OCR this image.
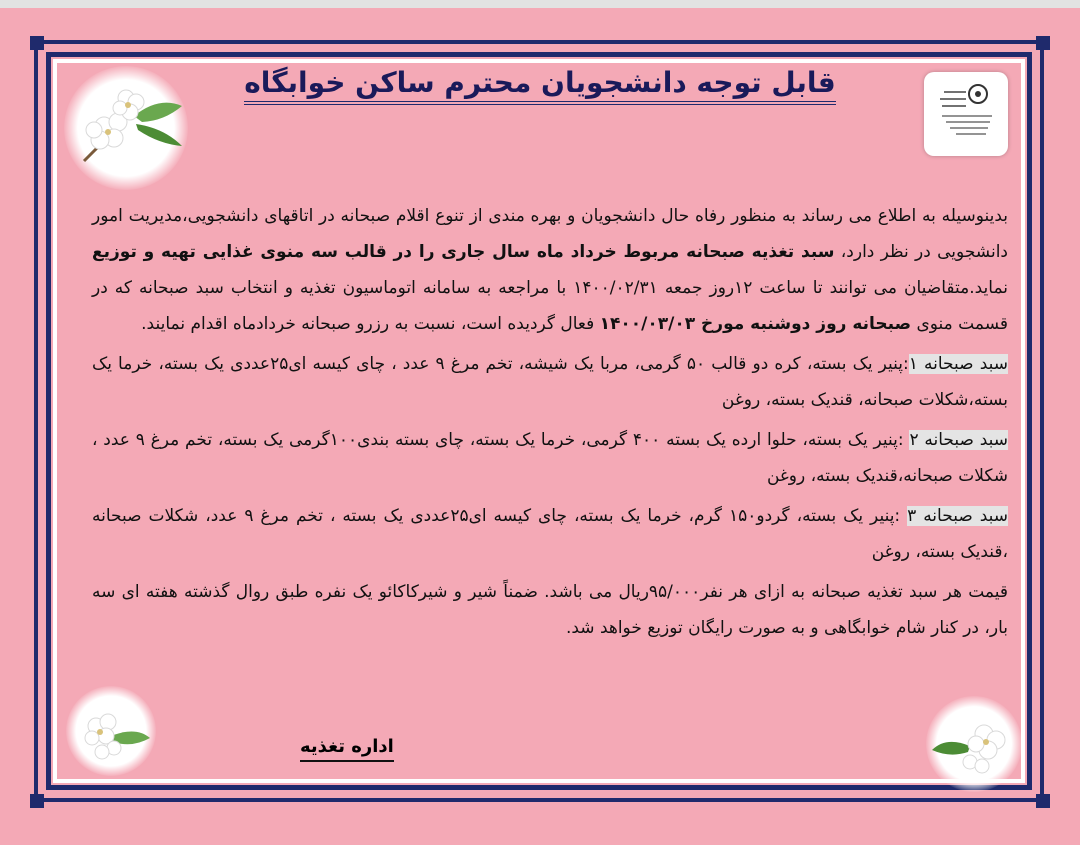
قابل توجه دانشجویان محترم ساکن خوابگاه

بدینوسیله به اطلاع می رساند به منظور رفاه حال دانشجویان و بهره مندی از تنوع اقلام صبحانه در اتاقهای دانشجویی،مدیریت امور دانشجویی در نظر دارد، سبد تغذیه صبحانه مربوط خرداد ماه سال جاری را در قالب سه منوی غذایی تهیه و توزیع نماید.متقاضیان می توانند تا ساعت ۱۲روز جمعه ۱۴۰۰/۰۲/۳۱ با مراجعه به سامانه اتوماسیون تغذیه و انتخاب سبد صبحانه که در قسمت منوی صبحانه روز دوشنبه مورخ ۱۴۰۰/۰۳/۰۳ فعال گردیده است، نسبت به رزرو صبحانه خردادماه اقدام نمایند.

سبد صبحانه ۱:پنیر یک بسته، کره دو قالب ۵۰ گرمی، مربا یک شیشه، تخم مرغ ۹ عدد ، چای کیسه ای۲۵عددی یک بسته، خرما یک بسته،شکلات صبحانه، قندیک بسته، روغن

سبد صبحانه ۲ :پنیر یک بسته، حلوا ارده یک بسته ۴۰۰ گرمی، خرما یک بسته، چای بسته بندی۱۰۰گرمی یک بسته، تخم مرغ ۹ عدد ، شکلات صبحانه،قندیک بسته، روغن

سبد صبحانه ۳ :پنیر یک بسته، گردو۱۵۰ گرم، خرما یک بسته، چای کیسه ای۲۵عددی یک بسته ، تخم مرغ ۹ عدد، شکلات صبحانه ،قندیک بسته، روغن

قیمت هر سبد تغذیه صبحانه به ازای هر نفر۹۵/۰۰۰ریال می باشد. ضمناً شیر و شیرکاکائو یک نفره طبق روال گذشته هفته ای سه بار، در کنار شام خوابگاهی و به صورت رایگان توزیع خواهد شد.

اداره تغذیه
